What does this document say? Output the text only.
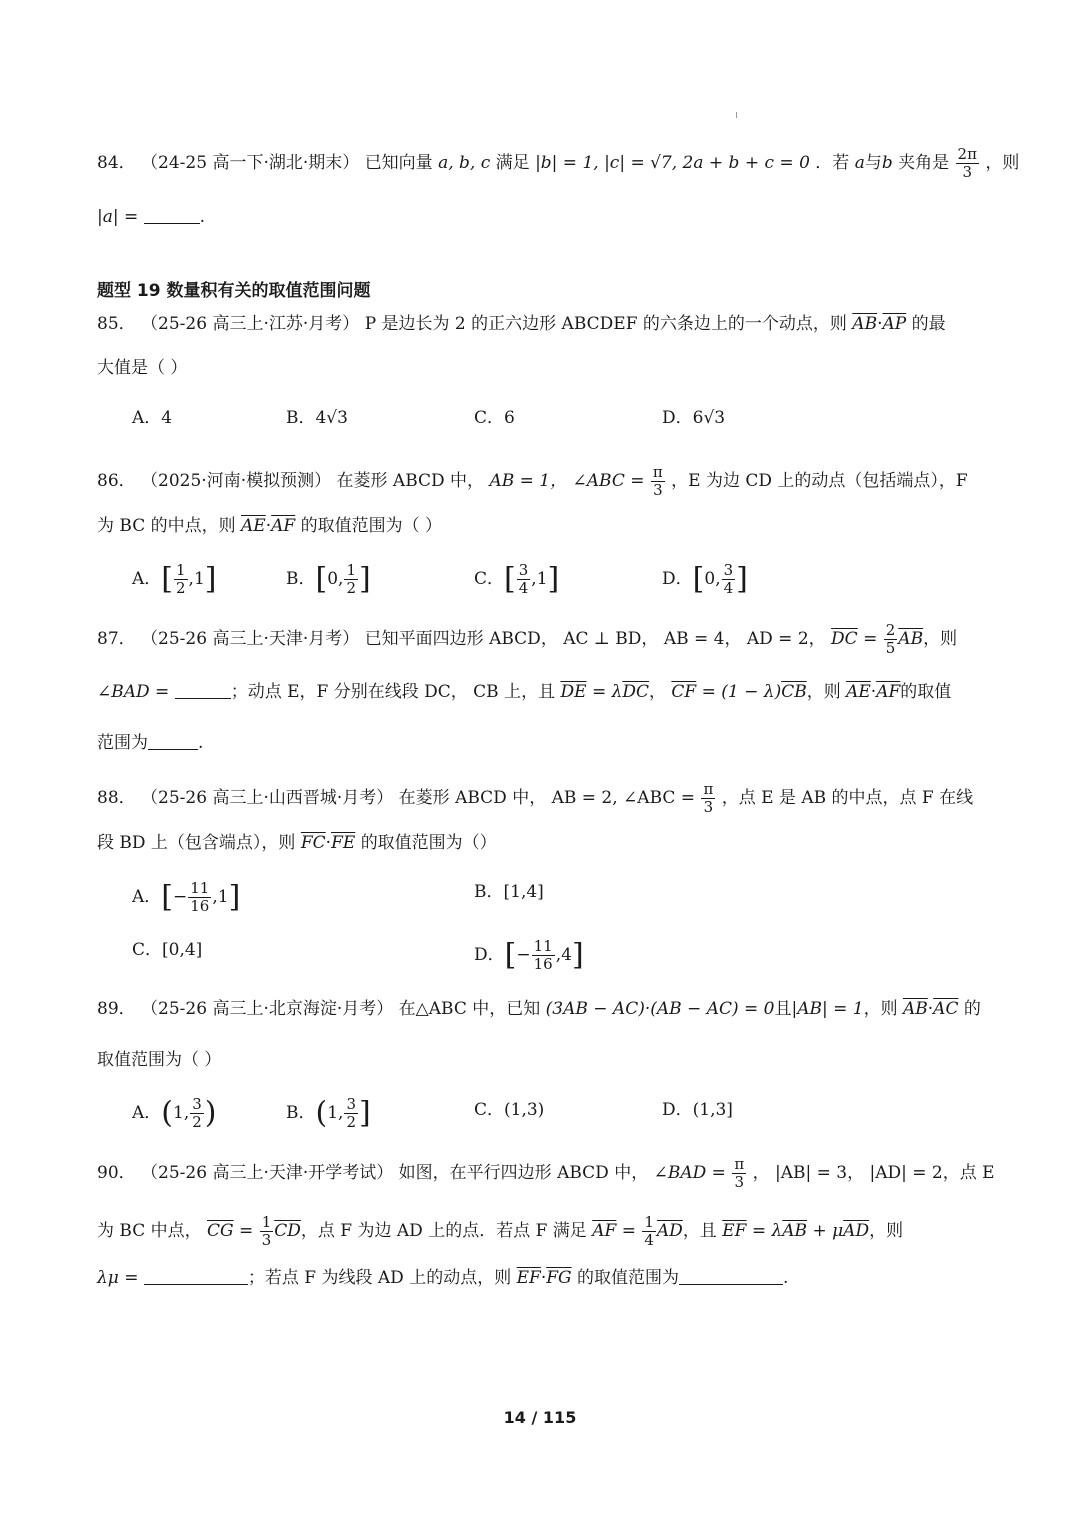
84． （24-25 高一下·湖北·期末） 已知向量 a, b, c 满足 |b| = 1, |c| = √7, 2a + b + c = 0 ．若 a与b 夹角是 $\frac{2\pi}{3}$ ，则
|a| =	.
题型 19 数量积有关的取值范围问题
85． （25-26 高三上·江苏·月考） P 是边长为 2 的正六边形 ABCDEF 的六条边上的一个动点，则 $\overline{AB}\cdot\overline{AP}$ 的最
大值是（ ）
A．4	B．4√3	C．6	D．6√3
86． （2025·河南·模拟预测） 在菱形 ABCD 中， AB = 1， ∠ABC = $\frac{\pi}{3}$ ，E 为边 CD 上的动点（包括端点），F
为 BC 的中点，则 $\overline{AE}\cdot\overline{AF}$ 的取值范围为（ ）
A．[ $\frac{1}{2} ,1$]	B．[0, $\frac{1}{2}$ ]	C．[ $\frac{3}{4} ,1$]	D．[0, $\frac{3}{4}$ ]
87． （25-26 高三上·天津·月考） 已知平面四边形 ABCD， AC ⊥ BD， AB = 4， AD = 2， $\overline{DC} = \frac{2}{5} \overline{AB}$，则
∠BAD =	；动点 E，F 分别在线段 DC， CB 上，且 $\overline{DE} = \lambda\overline{DC}$， $\overline{CF} = (1 - \lambda)\overline{CB}$，则 $\overline{AE}\cdot\overline{AF}$的取值
范围为	.
88． （25-26 高三上·山西晋城·月考） 在菱形 ABCD 中， AB = 2, ∠ABC = $\frac{\pi}{3}$ ，点 E 是 AB 的中点，点 F 在线
段 BD 上（包含端点），则 $\overline{FC}\cdot\overline{FE}$ 的取值范围为（）
A．[− $\frac{11}{16} ,1$]	B．[1,4]
C．[0,4]	D．[− $\frac{11}{16} ,4$]
89． （25-26 高三上·北京海淀·月考） 在△ABC 中，已知 (3AB − AC)·(AB − AC) = 0且|AB| = 1，则 $\overline{AB}\cdot\overline{AC}$ 的
取值范围为（ ）
A．(1, $\frac{3}{2}$ )	B．(1, $\frac{3}{2}$ ]	C．(1,3)	D．(1,3]
90． （25-26 高三上·天津·开学考试） 如图，在平行四边形 ABCD 中， ∠BAD = $\frac{\pi}{3}$ ， |AB| = 3， |AD| = 2，点 E
为 BC 中点， $\overline{CG} = \frac{1}{3} \overline{CD}$，点 F 为边 AD 上的点．若点 F 满足 $\overline{AF} = \frac{1}{4} \overline{AD}$，且 $\overline{EF} = \lambda\overline{AB} + \mu\overline{AD}$，则
λμ =	；若点 F 为线段 AD 上的动点，则 $\overline{EF}\cdot\overline{FG}$ 的取值范围为	.
14 / 115
